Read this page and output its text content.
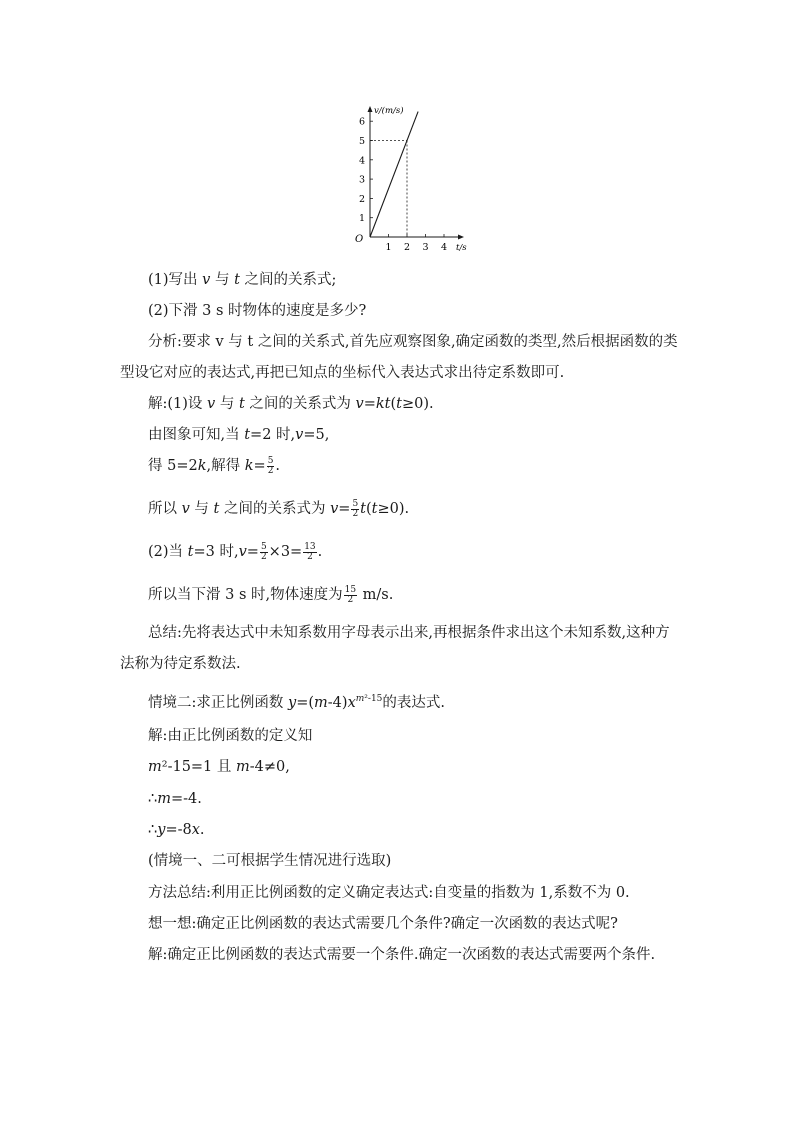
v/(m/s)
t/s
O
1
2
3
4
5
6
1 2 3 4
(1)写出 v 与 t 之间的关系式;
(2)下滑 3 s 时物体的速度是多少?
分析:要求 v 与 t 之间的关系式,首先应观察图象,确定函数的类型,然后根据函数的类型设它对应的表达式,再把已知点的坐标代入表达式求出待定系数即可.
解:(1)设 v 与 t 之间的关系式为 v=kt(t≥0).
由图象可知,当 t=2 时,v=5,
得 5=2k,解得 $k= \frac{5}{2}$ .
所以 v 与 t 之间的关系式为 $v= \frac{5}{2} t(t\ge 0)$.
(2)当 t=3 时$,v= \frac{5}{2} \times 3= \frac{13}{2}$ .
所以当下滑 3 s 时,物体速度为 $\frac{15}{2} m/s$.
总结:先将表达式中未知系数用字母表示出来,再根据条件求出这个未知系数,这种方法称为待定系数法.
情境二:求正比例函数 $y=(m-4)x^{m^2-15}$的表达式.
解:由正比例函数的定义知
m²-15=1 且 m-4≠0,
∴m=-4.
∴y=-8x.
(情境一、二可根据学生情况进行选取)
方法总结:利用正比例函数的定义确定表达式:自变量的指数为 1,系数不为 0.
想一想:确定正比例函数的表达式需要几个条件?确定一次函数的表达式呢?
解:确定正比例函数的表达式需要一个条件.确定一次函数的表达式需要两个条件.
